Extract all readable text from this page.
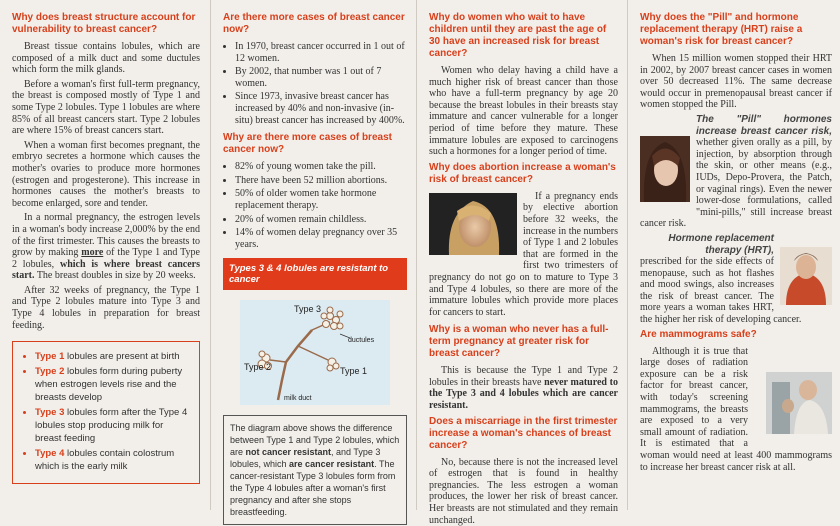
Why does breast structure account for vulnerability to breast cancer?

Breast tissue contains lobules, which are composed of a milk duct and some ductules which form the milk glands.

Before a woman's first full-term pregnancy, the breast is composed mostly of Type 1 and some Type 2 lobules. Type 1 lobules are where 85% of all breast cancers start. Type 2 lobules are where 15% of breast cancers start.

When a woman first becomes pregnant, the embryo secretes a hormone which causes the mother's ovaries to produce more hormones (estrogen and progesterone). This increase in hormones causes the mother's breasts to become enlarged, sore and tender.

In a normal pregnancy, the estrogen levels in a woman's body increase 2,000% by the end of the first trimester. This causes the breasts to grow by making more of the Type 1 and Type 2 lobules, which is where breast cancers start. The breast doubles in size by 20 weeks.

After 32 weeks of pregnancy, the Type 1 and Type 2 lobules mature into Type 3 and Type 4 lobules in preparation for breast feeding.

• Type 1 lobules are present at birth
• Type 2 lobules form during puberty when estrogen levels rise and the breasts develop
• Type 3 lobules form after the Type 4 lobules stop producing milk for breast feeding
• Type 4 lobules contain colostrum which is the early milk
Are there more cases of breast cancer now?
• In 1970, breast cancer occurred in 1 out of 12 women.
• By 2002, that number was 1 out of 7 women.
• Since 1973, invasive breast cancer has increased by 40% and non-invasive (in-situ) breast cancer has increased by 400%.
Why are there more cases of breast cancer now?
• 82% of young women take the pill.
• There have been 52 million abortions.
• 50% of older women take hormone replacement therapy.
• 20% of women remain childless.
• 14% of women delay pregnancy over 35 years.
Types 3 & 4 lobules are resistant to cancer
Type 3
Type 2	Type 1
ductules
milk duct
The diagram above shows the difference between Type 1 and Type 2 lobules, which are not cancer resistant, and Type 3 lobules, which are cancer resistant. The cancer-resistant Type 3 lobules form from the Type 4 lobules after a woman's first pregnancy and after she stops breastfeeding.
Why do women who wait to have children until they are past the age of 30 have an increased risk for breast cancer?

Women who delay having a child have a much higher risk of breast cancer than those who have a full-term pregnancy by age 20 because the breast lobules in their breasts stay immature and cancer vulnerable for a longer period of time before they mature. These immature lobules are exposed to carcinogens such a hormones for a longer period of time.

Why does abortion increase a woman's risk of breast cancer?

If a pregnancy ends by elective abortion before 32 weeks, the increase in the numbers of Type 1 and 2 lobules that are formed in the first two trimesters of pregnancy do not go on to mature to Type 3 and Type 4 lobules, so there are more of the immature lobules which provide more places for cancers to start.

Why is a woman who never has a full-term pregnancy at greater risk for breast cancer?

This is because the Type 1 and Type 2 lobules in their breasts have never matured to the Type 3 and 4 lobules which are cancer resistant.

Does a miscarriage in the first trimester increase a woman's chances of breast cancer?

No, because there is not the increased level of estrogen that is found in healthy pregnancies. The less estrogen a woman produces, the lower her risk of breast cancer. Her breasts are not stimulated and they remain unchanged.

Why does the "Pill" and hormone replacement therapy (HRT) raise a woman's risk for breast cancer?

When 15 million women stopped their HRT in 2002, by 2007 breast cancer cases in women over 50 decreased 11%. The same decrease would occur in premenopausal breast cancer if women stopped the Pill.

The "Pill" hormones increase breast cancer risk, whether given orally as a pill, by injection, by absorption through the skin, or other means (e.g., IUDs, Depo-Provera, the Patch, or vaginal rings). Even the newer lower-dose formulations, called "mini-pills," still increase breast cancer risk.

Hormone replacement therapy (HRT),
prescribed for the side effects of menopause, such as hot flashes and mood swings, also increases the risk of breast cancer. The more years a woman takes HRT, the higher her risk of developing cancer.

Are mammograms safe?

Although it is true that large doses of radiation exposure can be a risk factor for breast cancer, with today's screening mammograms, the breasts are exposed to a very small amount of radiation. It is estimated that a woman would need at least 400 mammograms to increase her breast cancer risk at all.
